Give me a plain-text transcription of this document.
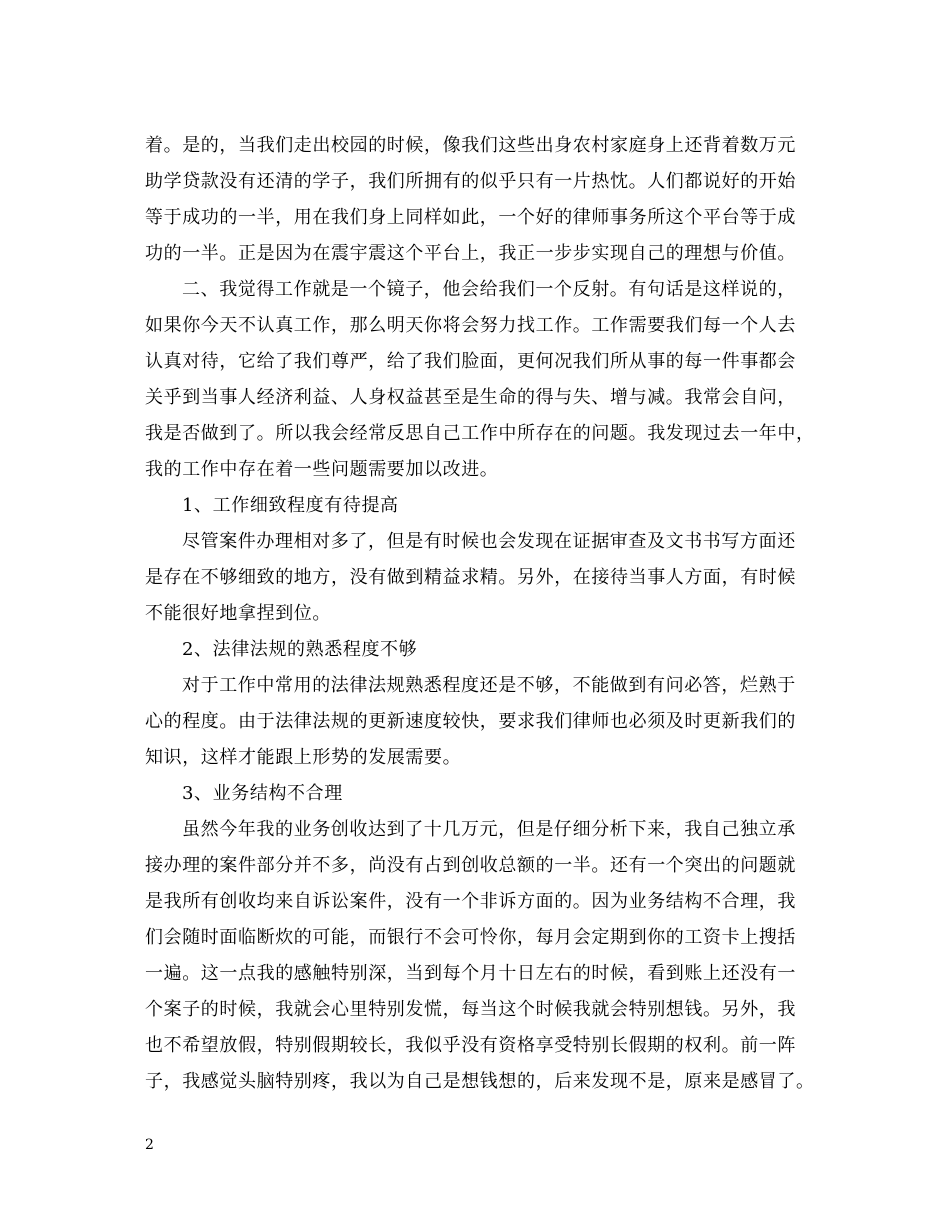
着。是的，当我们走出校园的时候，像我们这些出身农村家庭身上还背着数万元
助学贷款没有还清的学子，我们所拥有的似乎只有一片热忱。人们都说好的开始
等于成功的一半，用在我们身上同样如此，一个好的律师事务所这个平台等于成
功的一半。正是因为在震宇震这个平台上，我正一步步实现自己的理想与价值。
二、我觉得工作就是一个镜子，他会给我们一个反射。有句话是这样说的，
如果你今天不认真工作，那么明天你将会努力找工作。工作需要我们每一个人去
认真对待，它给了我们尊严，给了我们脸面，更何况我们所从事的每一件事都会
关乎到当事人经济利益、人身权益甚至是生命的得与失、增与减。我常会自问，
我是否做到了。所以我会经常反思自己工作中所存在的问题。我发现过去一年中，
我的工作中存在着一些问题需要加以改进。
1、工作细致程度有待提高
尽管案件办理相对多了，但是有时候也会发现在证据审查及文书书写方面还
是存在不够细致的地方，没有做到精益求精。另外，在接待当事人方面，有时候
不能很好地拿捏到位。
2、法律法规的熟悉程度不够
对于工作中常用的法律法规熟悉程度还是不够，不能做到有问必答，烂熟于
心的程度。由于法律法规的更新速度较快，要求我们律师也必须及时更新我们的
知识，这样才能跟上形势的发展需要。
3、业务结构不合理
虽然今年我的业务创收达到了十几万元，但是仔细分析下来，我自己独立承
接办理的案件部分并不多，尚没有占到创收总额的一半。还有一个突出的问题就
是我所有创收均来自诉讼案件，没有一个非诉方面的。因为业务结构不合理，我
们会随时面临断炊的可能，而银行不会可怜你，每月会定期到你的工资卡上搜括
一遍。这一点我的感触特别深，当到每个月十日左右的时候，看到账上还没有一
个案子的时候，我就会心里特别发慌，每当这个时候我就会特别想钱。另外，我
也不希望放假，特别假期较长，我似乎没有资格享受特别长假期的权利。前一阵
子，我感觉头脑特别疼，我以为自己是想钱想的，后来发现不是，原来是感冒了。
2
